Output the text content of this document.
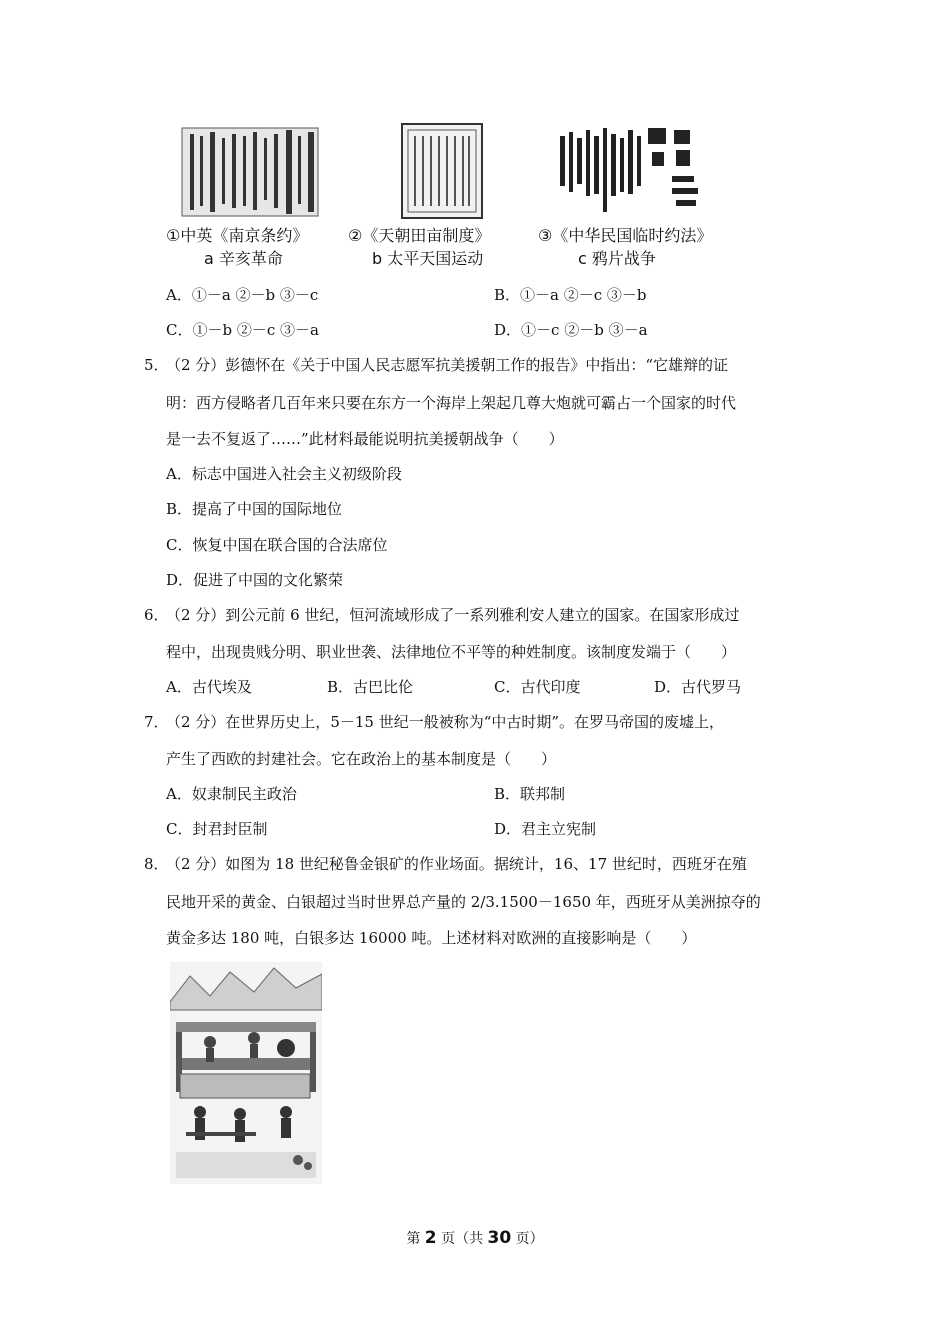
①中英《南京条约》 ②《天朝田亩制度》	③《中华民国临时约法》
a 辛亥革命	b 太平天国运动	c 鸦片战争
A．①－a ②－b ③－c	B．①－a ②－c ③－b
C．①－b ②－c ③－a	D．①－c ②－b ③－a
5．
（2 分）彭德怀在《关于中国人民志愿军抗美援朝工作的报告》中指出：“它雄辩的证
明：西方侵略者几百年来只要在东方一个海岸上架起几尊大炮就可霸占一个国家的时代
是一去不复返了……”此材料最能说明抗美援朝战争（　　）
A．标志中国进入社会主义初级阶段
B．提高了中国的国际地位
C．恢复中国在联合国的合法席位
D．促进了中国的文化繁荣
6．
（2 分）到公元前 6 世纪，恒河流域形成了一系列雅利安人建立的国家。在国家形成过
程中，出现贵贱分明、职业世袭、法律地位不平等的种姓制度。该制度发端于（　　）
A．古代埃及	B．古巴比伦	C．古代印度	D．古代罗马
7．
（2 分）在世界历史上，5－15 世纪一般被称为“中古时期”。在罗马帝国的废墟上，
产生了西欧的封建社会。它在政治上的基本制度是（　　）
A．奴隶制民主政治	B．联邦制
C．封君封臣制	D．君主立宪制
8．
（2 分）如图为 18 世纪秘鲁金银矿的作业场面。据统计，16、17 世纪时，西班牙在殖
民地开采的黄金、白银超过当时世界总产量的 2/3.1500－1650 年，西班牙从美洲掠夺的
黄金多达 180 吨，白银多达 16000 吨。上述材料对欧洲的直接影响是（　　）
第 2 页（共 30 页）
